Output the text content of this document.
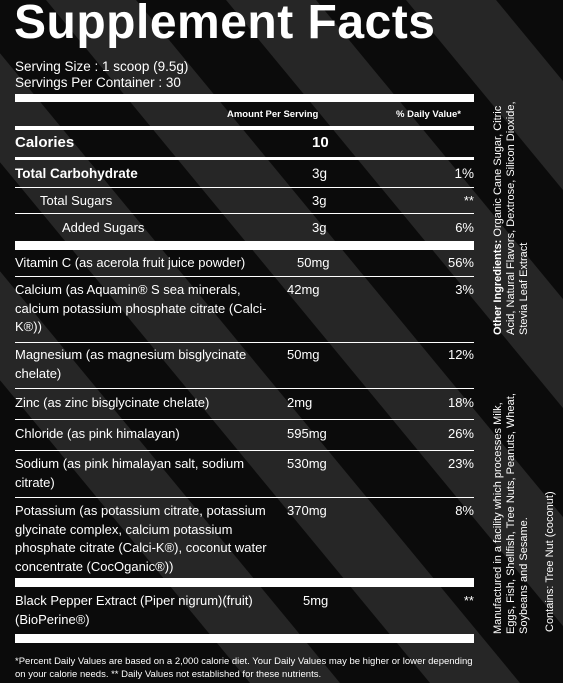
Supplement Facts
Serving Size : 1 scoop (9.5g)
Servings Per Container : 30
Amount Per Serving	% Daily Value*
Calories	10
Total Carbohydrate	3g	1%
Total Sugars	3g	**
Added Sugars	3g	6%
Vitamin C (as acerola fruit juice powder)	50mg	56%
Calcium (as Aquamin® S sea minerals, calcium potassium phosphate citrate (Calci-K®))
42mg	3%
Magnesium (as magnesium bisglycinate chelate)
50mg	12%
Zinc (as zinc bisglycinate chelate)	2mg	18%
Chloride (as pink himalayan)	595mg	26%
Sodium (as pink himalayan salt, sodium citrate)
530mg	23%
Potassium (as potassium citrate, potassium glycinate complex, calcium potassium phosphate citrate (Calci-K®), coconut water concentrate (CocOganic®))
370mg	8%
Black Pepper Extract (Piper nigrum)(fruit) (BioPerine®)
5mg	**
*Percent Daily Values are based on a 2,000 calorie diet. Your Daily Values may be higher or lower depending on your calorie needs. ** Daily Values not established for these nutrients.
Other Ingredients: Organic Cane Sugar, Citric Acid, Natural Flavors, Dextrose, Silicon Dioxide, Stevia Leaf Extract
Manufactured in a facility which processes Milk, Eggs, Fish, Shellfish, Tree Nuts, Peanuts, Wheat, Soybeans and Sesame. Contains: Tree Nut (coconut)
